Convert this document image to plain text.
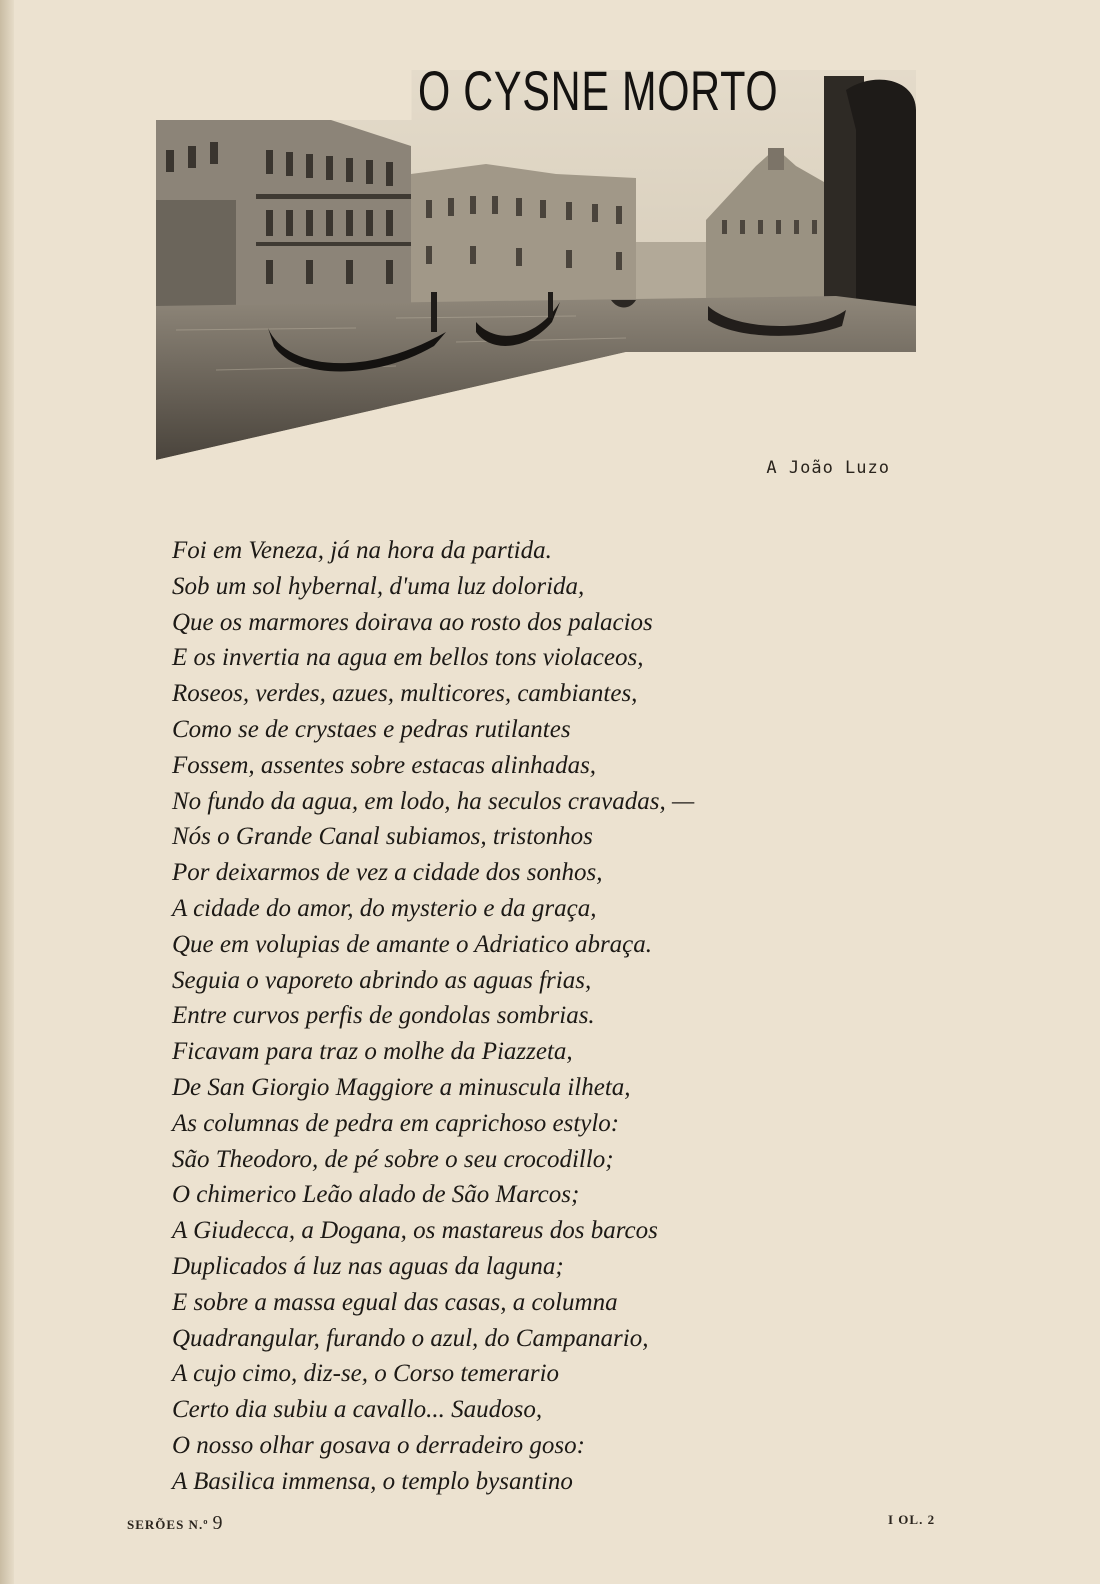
O CYSNE MORTO
A João Luzo
Foi em Veneza, já na hora da partida.
Sob um sol hybernal, d'uma luz dolorida,
Que os marmores doirava ao rosto dos palacios
E os invertia na agua em bellos tons violaceos,
Roseos, verdes, azues, multicores, cambiantes,
Como se de crystaes e pedras rutilantes
Fossem, assentes sobre estacas alinhadas,
No fundo da agua, em lodo, ha seculos cravadas, —
Nós o Grande Canal subiamos, tristonhos
Por deixarmos de vez a cidade dos sonhos,
A cidade do amor, do mysterio e da graça,
Que em volupias de amante o Adriatico abraça.
Seguia o vaporeto abrindo as aguas frias,
Entre curvos perfis de gondolas sombrias.
Ficavam para traz o molhe da Piazzeta,
De San Giorgio Maggiore a minuscula ilheta,
As columnas de pedra em caprichoso estylo:
São Theodoro, de pé sobre o seu crocodillo;
O chimerico Leão alado de São Marcos;
A Giudecca, a Dogana, os mastareus dos barcos
Duplicados á luz nas aguas da laguna;
E sobre a massa egual das casas, a columna
Quadrangular, furando o azul, do Campanario,
A cujo cimo, diz-se, o Corso temerario
Certo dia subiu a cavallo... Saudoso,
O nosso olhar gosava o derradeiro goso:
A Basilica immensa, o templo bysantino
SERÕES N.º 9	I OL. 2
